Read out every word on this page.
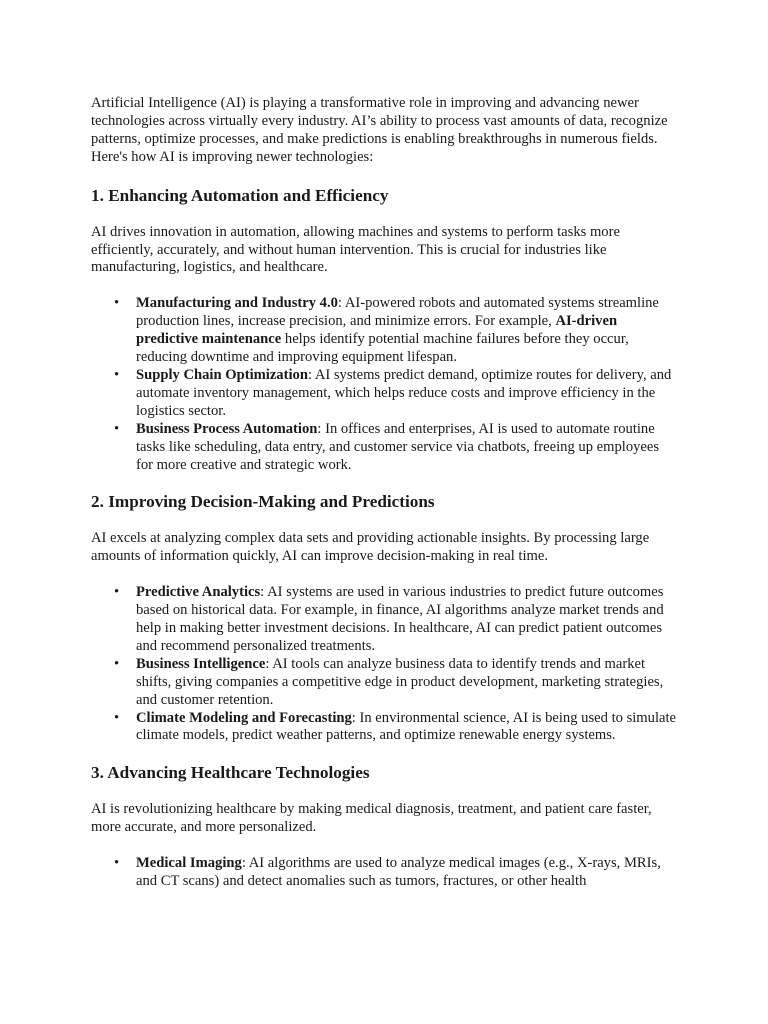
Artificial Intelligence (AI) is playing a transformative role in improving and advancing newer technologies across virtually every industry. AI’s ability to process vast amounts of data, recognize patterns, optimize processes, and make predictions is enabling breakthroughs in numerous fields. Here's how AI is improving newer technologies:

1. Enhancing Automation and Efficiency

AI drives innovation in automation, allowing machines and systems to perform tasks more efficiently, accurately, and without human intervention. This is crucial for industries like manufacturing, logistics, and healthcare.

• Manufacturing and Industry 4.0: AI-powered robots and automated systems streamline production lines, increase precision, and minimize errors. For example, AI-driven predictive maintenance helps identify potential machine failures before they occur, reducing downtime and improving equipment lifespan.
• Supply Chain Optimization: AI systems predict demand, optimize routes for delivery, and automate inventory management, which helps reduce costs and improve efficiency in the logistics sector.
• Business Process Automation: In offices and enterprises, AI is used to automate routine tasks like scheduling, data entry, and customer service via chatbots, freeing up employees for more creative and strategic work.
2. Improving Decision-Making and Predictions

AI excels at analyzing complex data sets and providing actionable insights. By processing large amounts of information quickly, AI can improve decision-making in real time.

• Predictive Analytics: AI systems are used in various industries to predict future outcomes based on historical data. For example, in finance, AI algorithms analyze market trends and help in making better investment decisions. In healthcare, AI can predict patient outcomes and recommend personalized treatments.
• Business Intelligence: AI tools can analyze business data to identify trends and market shifts, giving companies a competitive edge in product development, marketing strategies, and customer retention.
• Climate Modeling and Forecasting: In environmental science, AI is being used to simulate climate models, predict weather patterns, and optimize renewable energy systems.
3. Advancing Healthcare Technologies

AI is revolutionizing healthcare by making medical diagnosis, treatment, and patient care faster, more accurate, and more personalized.

• Medical Imaging: AI algorithms are used to analyze medical images (e.g., X-rays, MRIs, and CT scans) and detect anomalies such as tumors, fractures, or other health
